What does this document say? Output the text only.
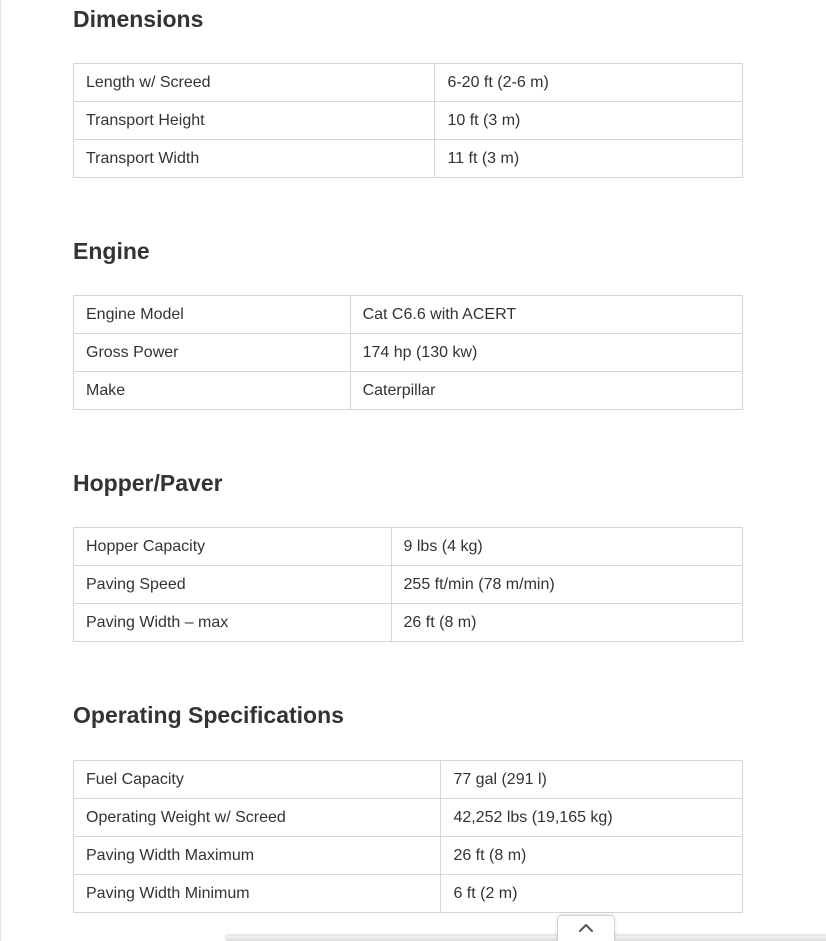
Dimensions
Length w/ Screed	6-20 ft (2-6 m)
Transport Height	10 ft (3 m)
Transport Width	11 ft (3 m)
Engine
Engine Model	Cat C6.6 with ACERT
Gross Power	174 hp (130 kw)
Make	Caterpillar
Hopper/Paver
Hopper Capacity	9 lbs (4 kg)
Paving Speed	255 ft/min (78 m/min)
Paving Width – max	26 ft (8 m)
Operating Specifications
Fuel Capacity	77 gal (291 l)
Operating Weight w/ Screed	42,252 lbs (19,165 kg)
Paving Width Maximum	26 ft (8 m)
Paving Width Minimum	6 ft (2 m)
